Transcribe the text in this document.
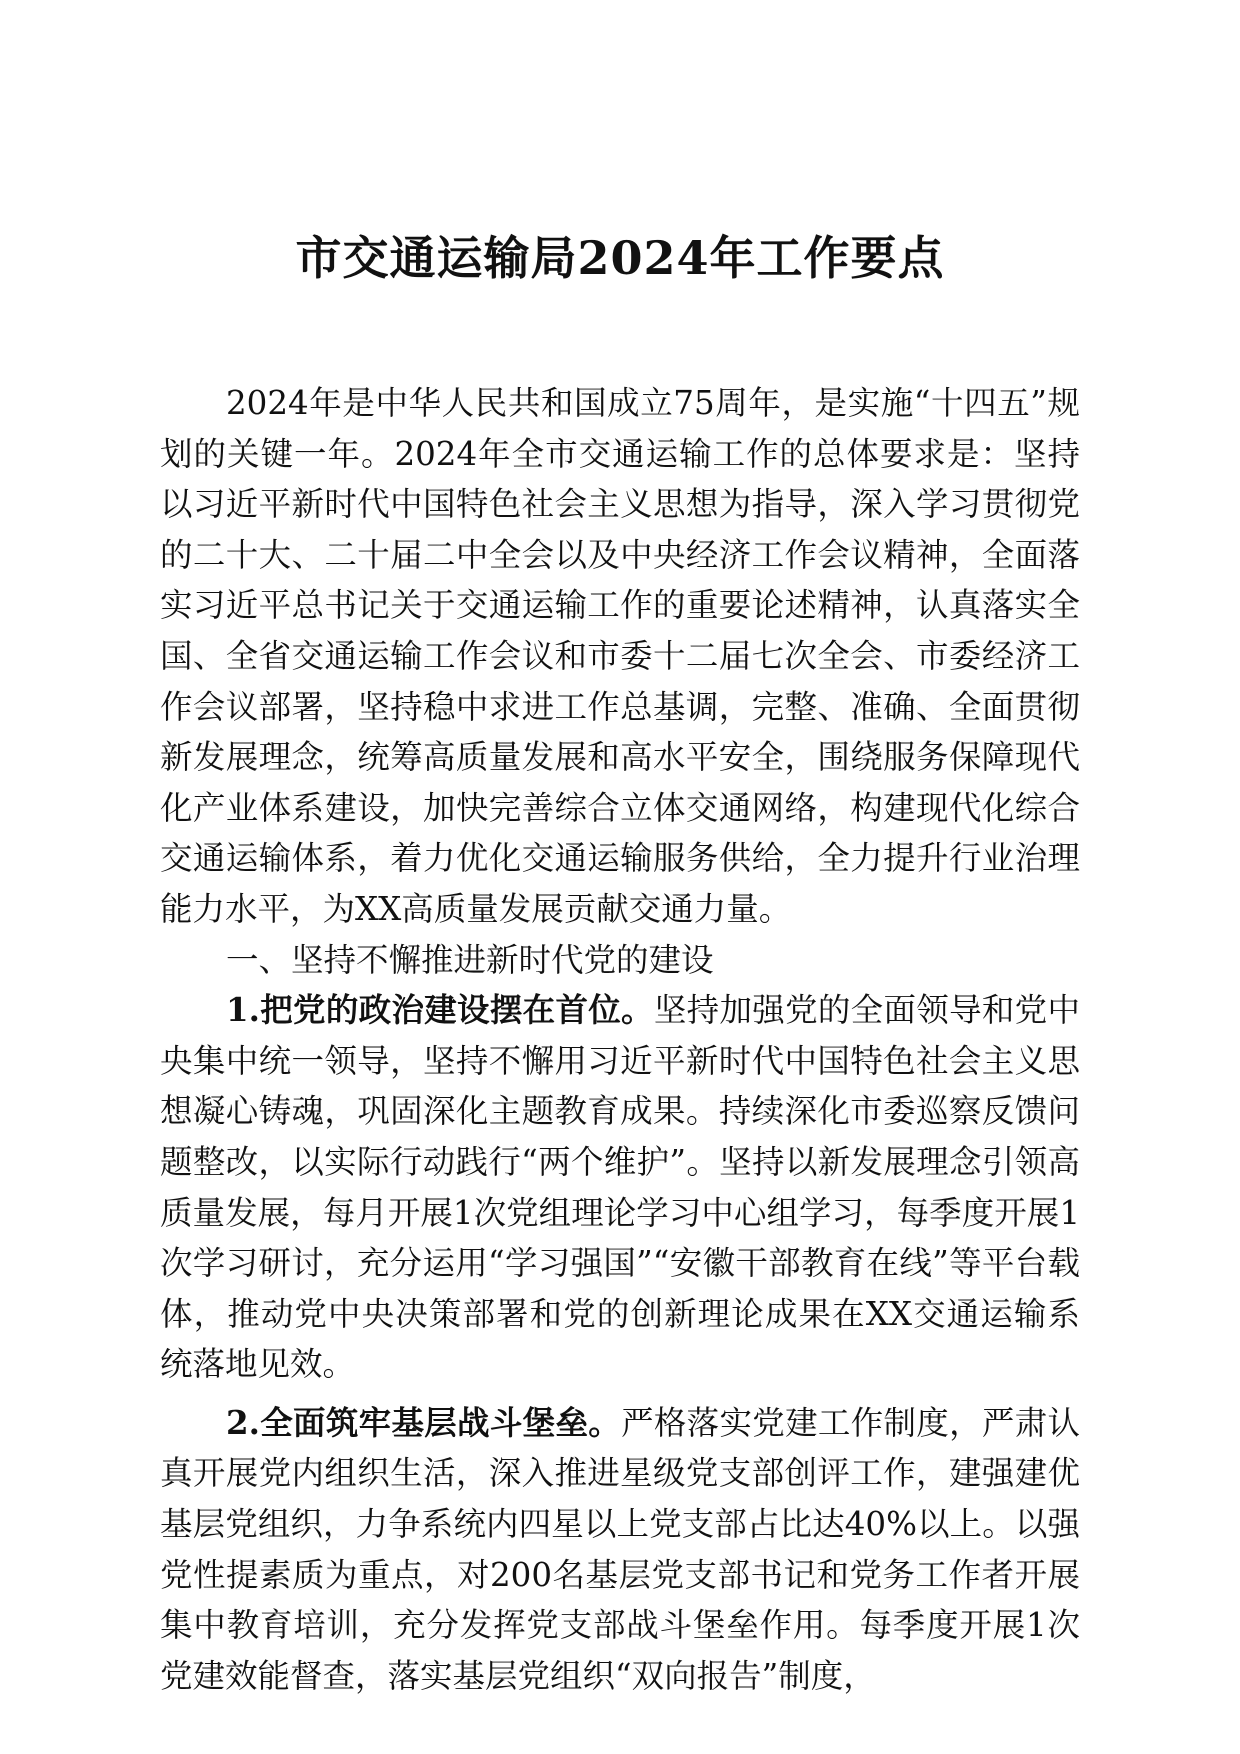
市交通运输局2024年工作要点

2024年是中华人民共和国成立75周年，是实施“十四五”规划的关键一年。2024年全市交通运输工作的总体要求是：坚持以习近平新时代中国特色社会主义思想为指导，深入学习贯彻党的二十大、二十届二中全会以及中央经济工作会议精神，全面落实习近平总书记关于交通运输工作的重要论述精神，认真落实全国、全省交通运输工作会议和市委十二届七次全会、市委经济工作会议部署，坚持稳中求进工作总基调，完整、准确、全面贯彻新发展理念，统筹高质量发展和高水平安全，围绕服务保障现代化产业体系建设，加快完善综合立体交通网络，构建现代化综合交通运输体系，着力优化交通运输服务供给，全力提升行业治理能力水平，为XX高质量发展贡献交通力量。

一、坚持不懈推进新时代党的建设

1.把党的政治建设摆在首位。坚持加强党的全面领导和党中央集中统一领导，坚持不懈用习近平新时代中国特色社会主义思想凝心铸魂，巩固深化主题教育成果。持续深化市委巡察反馈问题整改，以实际行动践行“两个维护”。坚持以新发展理念引领高质量发展，每月开展1次党组理论学习中心组学习，每季度开展1次学习研讨，充分运用“学习强国”“安徽干部教育在线”等平台载体，推动党中央决策部署和党的创新理论成果在XX交通运输系统落地见效。

2.全面筑牢基层战斗堡垒。严格落实党建工作制度，严肃认真开展党内组织生活，深入推进星级党支部创评工作，建强建优基层党组织，力争系统内四星以上党支部占比达40%以上。以强党性提素质为重点，对200名基层党支部书记和党务工作者开展集中教育培训，充分发挥党支部战斗堡垒作用。每季度开展1次党建效能督查，落实基层党组织“双向报告”制度，
